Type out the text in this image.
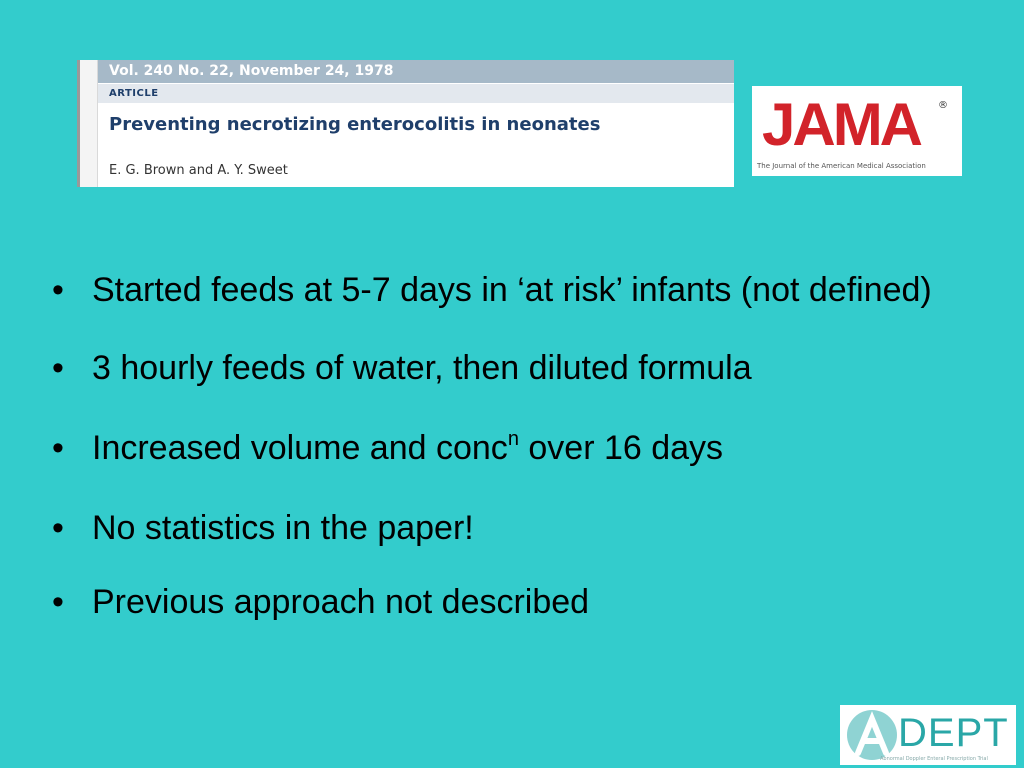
Vol. 240 No. 22, November 24, 1978
ARTICLE
Preventing necrotizing enterocolitis in neonates
E. G. Brown and A. Y. Sweet
JAMA ®
The Journal of the American Medical Association
• Started feeds at 5-7 days in ‘at risk’ infants (not defined)
• 3 hourly feeds of water, then diluted formula
• Increased volume and conc$^n$ over 16 days
• No statistics in the paper!
• Previous approach not described
DEPT
Abnormal Doppler Enteral Prescription Trial
